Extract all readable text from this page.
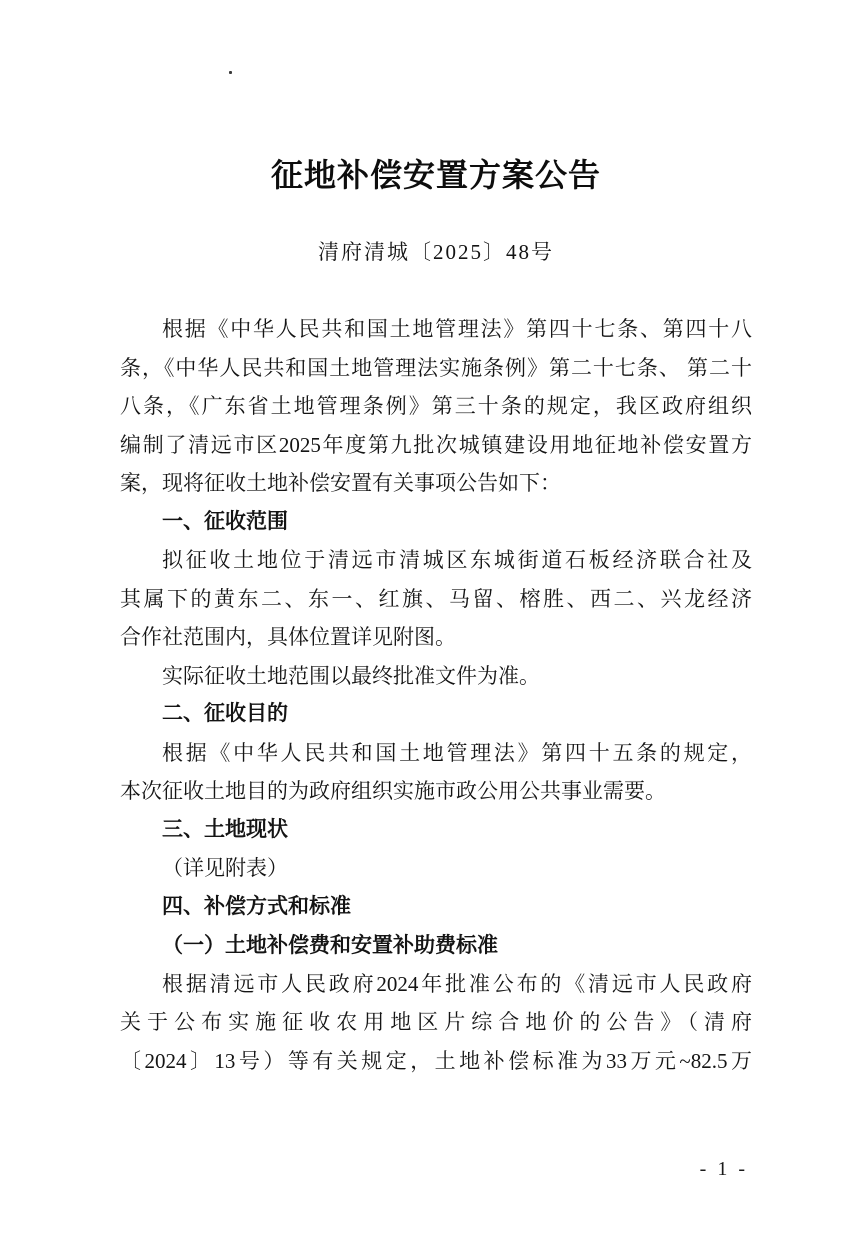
征地补偿安置方案公告
清府清城〔2025〕48号
根据《中华人民共和国土地管理法》第四十七条、第四十八
条，《中华人民共和国土地管理法实施条例》第二十七条、 第二十
八条，《广东省土地管理条例》第三十条的规定，我区政府组织
编制了清远市区2025年度第九批次城镇建设用地征地补偿安置方
案，现将征收土地补偿安置有关事项公告如下：
一、征收范围
拟征收土地位于清远市清城区东城街道石板经济联合社及
其属下的黄东二、东一、红旗、马留、榕胜、西二、兴龙经济
合作社范围内，具体位置详见附图。
实际征收土地范围以最终批准文件为准。
二、征收目的
根据《中华人民共和国土地管理法》第四十五条的规定，
本次征收土地目的为政府组织实施市政公用公共事业需要。
三、土地现状
（详见附表）
四、补偿方式和标准
（一）土地补偿费和安置补助费标准
根据清远市人民政府2024年批准公布的《清远市人民政府
关于公布实施征收农用地区片综合地价的公告》（清府
〔2024〕13号）等有关规定，土地补偿标准为33万元~82.5万
- 1 -
